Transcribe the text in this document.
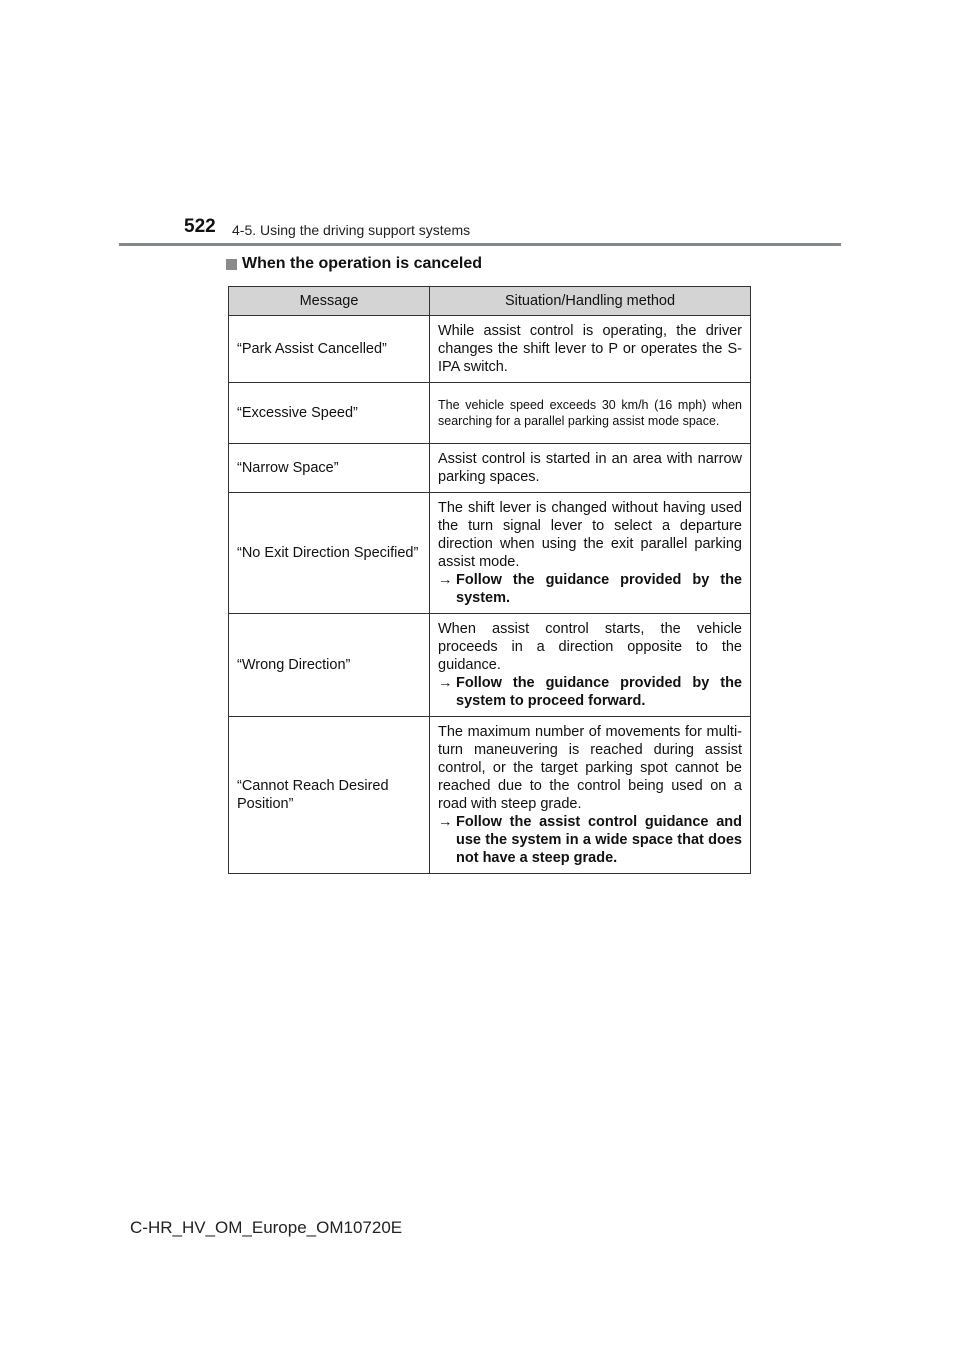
522 4-5. Using the driving support systems
When the operation is canceled
Message	Situation/Handling method
“Park Assist Cancelled”	While assist control is operating, the driver changes the shift lever to P or operates the S-IPA switch.

“Excessive Speed”	The vehicle speed exceeds 30 km/h (16 mph) when searching for a parallel parking assist mode space.

“Narrow Space”	Assist control is started in an area with narrow parking spaces.

“No Exit Direction Specified”	The shift lever is changed without having used the turn signal lever to select a departure direction when using the exit parallel parking assist mode.
→ Follow the guidance provided by the system.

“Wrong Direction”	When assist control starts, the vehicle proceeds in a direction opposite to the guidance.
→ Follow the guidance provided by the system to proceed forward.

“Cannot Reach Desired Position”	The maximum number of movements for multi-turn maneuvering is reached during assist control, or the target parking spot cannot be reached due to the control being used on a road with steep grade.
→ Follow the assist control guidance and use the system in a wide space that does not have a steep grade.
C-HR_HV_OM_Europe_OM10720E
